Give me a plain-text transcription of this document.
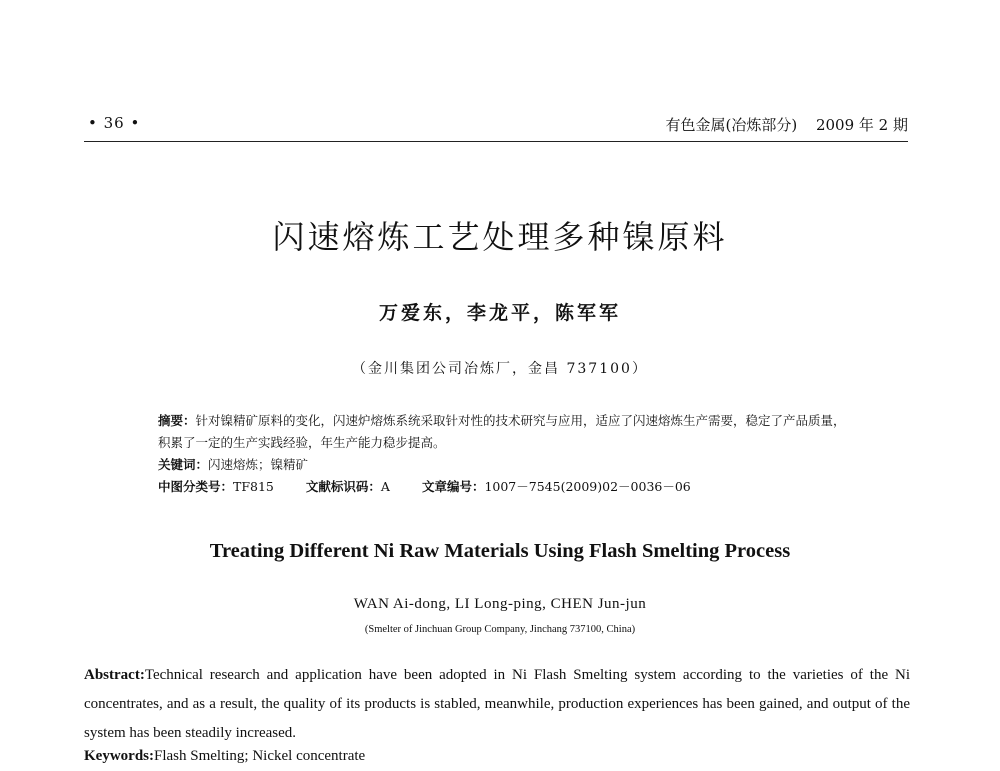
• 36 •	有色金属(冶炼部分) 2009 年 2 期
闪速熔炼工艺处理多种镍原料
万爱东，李龙平，陈军军
（金川集团公司冶炼厂，金昌 737100）
摘要：针对镍精矿原料的变化，闪速炉熔炼系统采取针对性的技术研究与应用，适应了闪速熔炼生产需要，稳定了产品质量，积累了一定的生产实践经验，年生产能力稳步提高。
关键词：闪速熔炼；镍精矿
中图分类号：TF815	文献标识码：A	文章编号：1007－7545(2009)02－0036－06
Treating Different Ni Raw Materials Using Flash Smelting Process
WAN Ai-dong, LI Long-ping, CHEN Jun-jun
(Smelter of Jinchuan Group Company, Jinchang 737100, China)
Abstract:Technical research and application have been adopted in Ni Flash Smelting system according to the varieties of the Ni concentrates, and as a result, the quality of its products is stabled, meanwhile, production experiences has been gained, and output of the system has been steadily increased.
Keywords:Flash Smelting; Nickel concentrate
